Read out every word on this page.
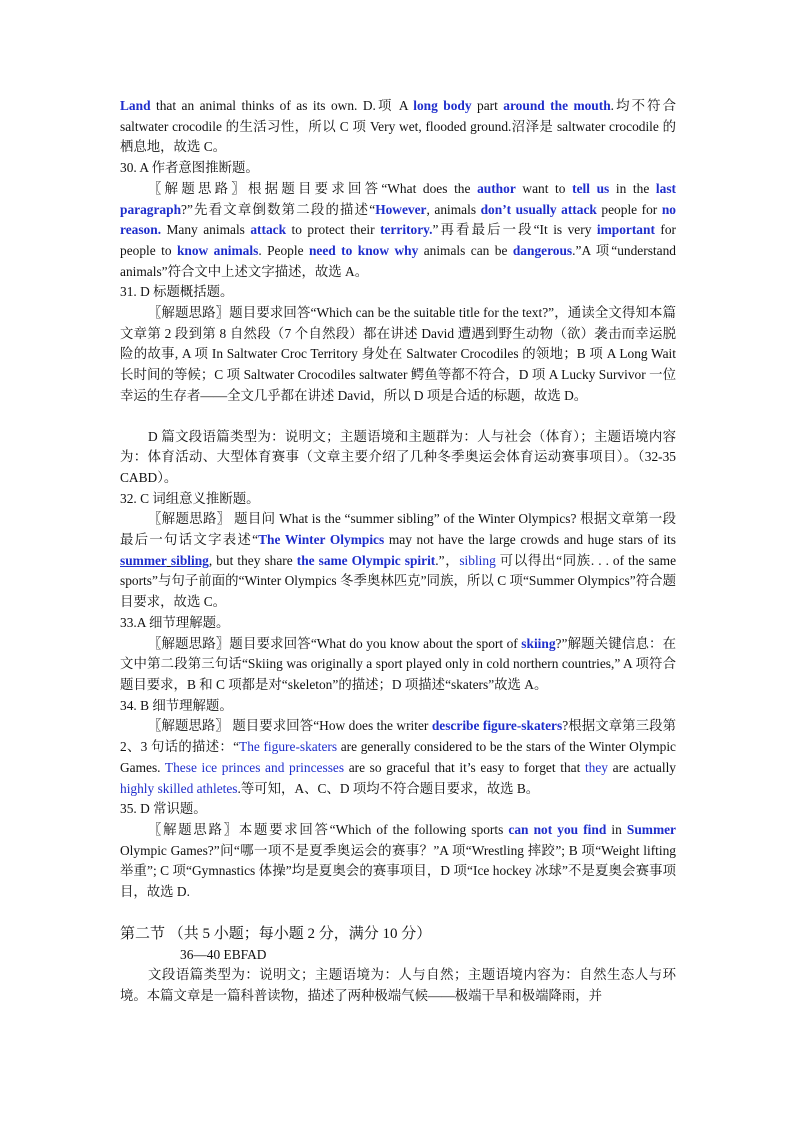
Land that an animal thinks of as its own. D.项 A long body part around the mouth.均不符合 saltwater crocodile 的生活习性，所以 C 项 Very wet, flooded ground.沼泽是 saltwater crocodile 的栖息地，故选 C。

30. A 作者意图推断题。

〖解题思路〗根据题目要求回答“What does the author want to tell us in the last paragraph?”先看文章倒数第二段的描述“However, animals don’t usually attack people for no reason. Many animals attack to protect their territory.”再看最后一段“It is very important for people to know animals. People need to know why animals can be dangerous.”A 项“understand animals”符合文中上述文字描述，故选 A。

31. D 标题概括题。

〖解题思路〗题目要求回答“Which can be the suitable title for the text?”，通读全文得知本篇文章第 2 段到第 8 自然段（7 个自然段）都在讲述 David 遭遇到野生动物（欲）袭击而幸运脱险的故事, A 项 In Saltwater Croc Territory 身处在 Saltwater Crocodiles 的领地；B 项 A Long Wait 长时间的等候；C 项 Saltwater Crocodiles saltwater 鳄鱼等都不符合，D 项 A Lucky Survivor 一位幸运的生存者——全文几乎都在讲述 David，所以 D 项是合适的标题，故选 D。

D 篇文段语篇类型为：说明文；主题语境和主题群为：人与社会（体育）；主题语境内容为：体育活动、大型体育赛事（文章主要介绍了几种冬季奥运会体育运动赛事项目）。（32-35 CABD）。

32. C 词组意义推断题。

〖解题思路〗 题目问 What is the “summer sibling” of the Winter Olympics? 根据文章第一段最后一句话文字表述“The Winter Olympics may not have the large crowds and huge stars of its summer sibling, but they share the same Olympic spirit.”，sibling 可以得出“同族. . . of the same sports”与句子前面的“Winter Olympics 冬季奥林匹克”同族，所以 C 项“Summer Olympics”符合题目要求，故选 C。

33.A 细节理解题。

〖解题思路〗题目要求回答“What do you know about the sport of skiing?”解题关键信息：在文中第二段第三句话“Skiing was originally a sport played only in cold northern countries,” A 项符合题目要求，B 和 C 项都是对“skeleton”的描述；D 项描述“skaters”故选 A。

34. B 细节理解题。

〖解题思路〗 题目要求回答“How does the writer describe figure-skaters?根据文章第三段第 2、3 句话的描述：“The figure-skaters are generally considered to be the stars of the Winter Olympic Games. These ice princes and princesses are so graceful that it’s easy to forget that they are actually highly skilled athletes.等可知，A、C、D 项均不符合题目要求，故选 B。

35. D 常识题。

〖解题思路〗本题要求回答“Which of the following sports can not you find in Summer Olympic Games?”问“哪一项不是夏季奥运会的赛事？”A 项“Wrestling 摔跤”; B 项“Weight lifting 举重”; C 项“Gymnastics 体操”均是夏奥会的赛事项目，D 项“Ice hockey 冰球”不是夏奥会赛事项目，故选 D.

第二节 （共 5 小题；每小题 2 分，满分 10 分）

36—40 EBFAD

文段语篇类型为：说明文；主题语境为：人与自然；主题语境内容为：自然生态人与环境。本篇文章是一篇科普读物，描述了两种极端气候——极端干旱和极端降雨，并
